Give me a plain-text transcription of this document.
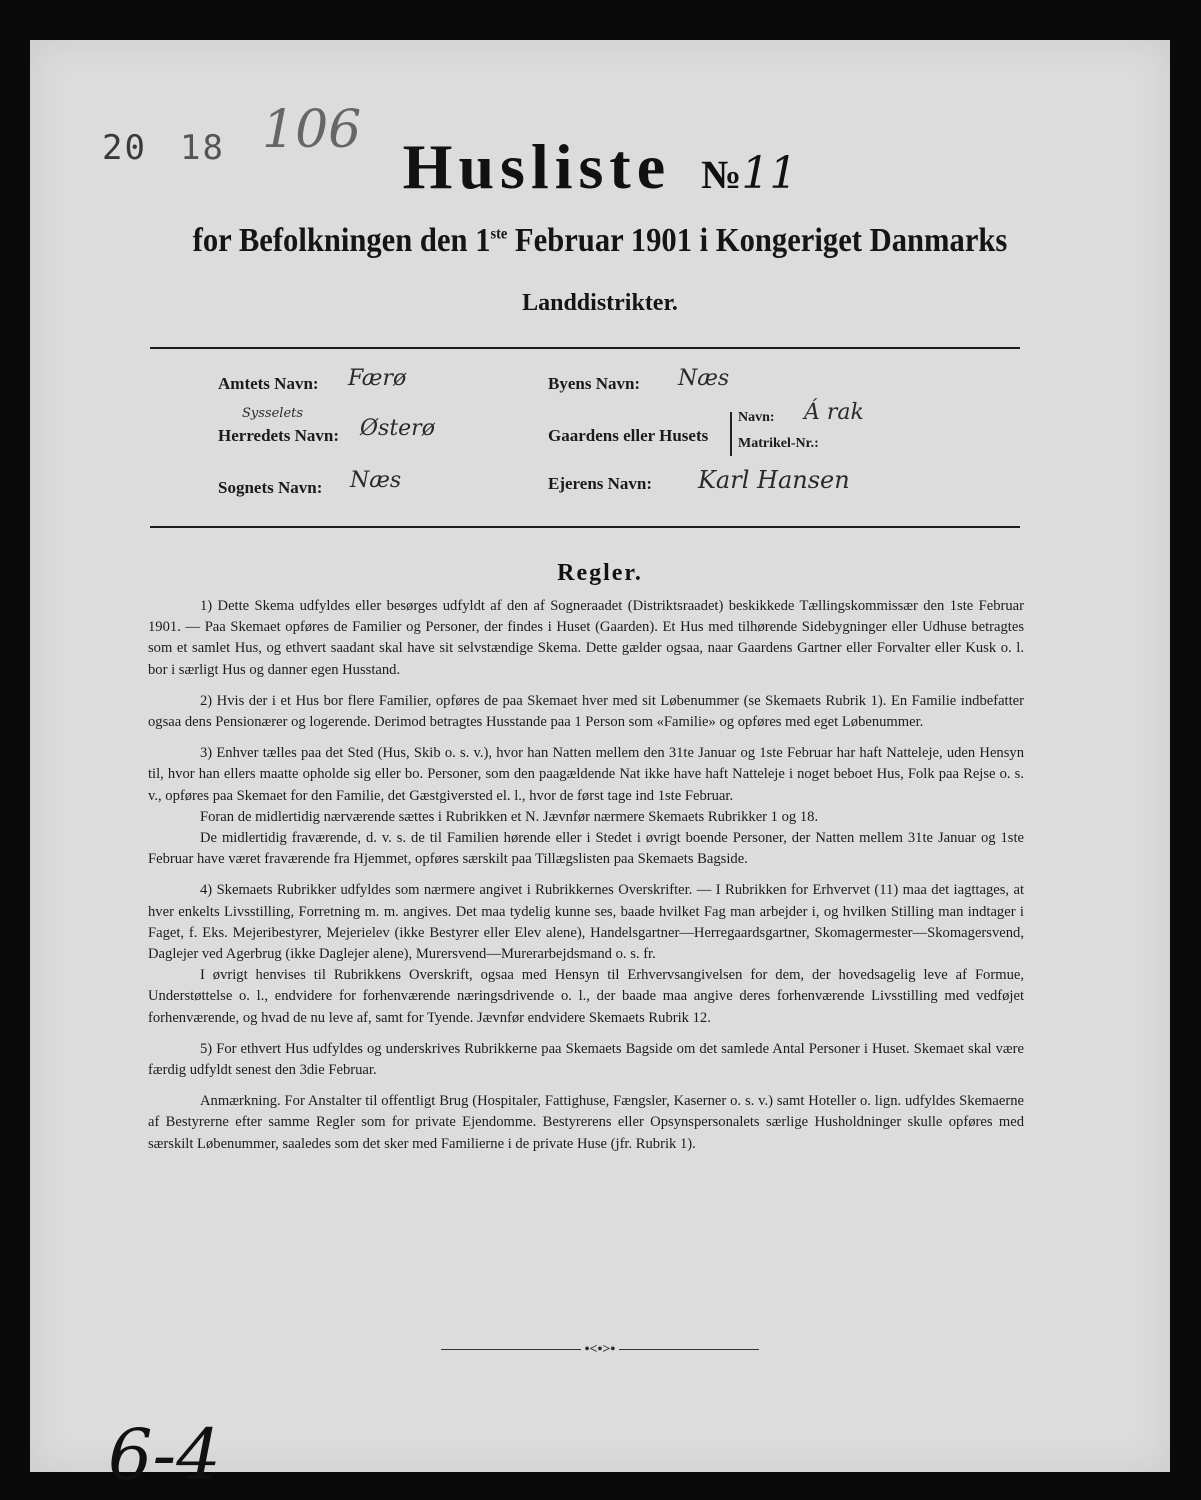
20 18 106
Husliste №11
for Befolkningen den 1ste Februar 1901 i Kongeriget Danmarks
Landdistrikter.
Amtets Navn: Færø
Sysselets
Herredets Navn: Østerø
Sognets Navn: Næs
Byens Navn: Næs
Gaardens eller Husets
Navn: Á rak
Matrikel-Nr.:
Ejerens Navn: Karl Hansen
Regler.

1) Dette Skema udfyldes eller besørges udfyldt af den af Sogneraadet (Distriktsraadet) beskikkede Tællingskommissær den 1ste Februar 1901. — Paa Skemaet opføres de Familier og Personer, der findes i Huset (Gaarden). Et Hus med tilhørende Sidebygninger eller Udhuse betragtes som et samlet Hus, og ethvert saadant skal have sit selvstændige Skema. Dette gælder ogsaa, naar Gaardens Gartner eller Forvalter eller Kusk o. l. bor i særligt Hus og danner egen Husstand.

2) Hvis der i et Hus bor flere Familier, opføres de paa Skemaet hver med sit Løbenummer (se Skemaets Rubrik 1). En Familie indbefatter ogsaa dens Pensionærer og logerende. Derimod betragtes Husstande paa 1 Person som «Familie» og opføres med eget Løbenummer.

3) Enhver tælles paa det Sted (Hus, Skib o. s. v.), hvor han Natten mellem den 31te Januar og 1ste Februar har haft Natteleje, uden Hensyn til, hvor han ellers maatte opholde sig eller bo. Personer, som den paagældende Nat ikke have haft Natteleje i noget beboet Hus, Folk paa Rejse o. s. v., opføres paa Skemaet for den Familie, det Gæstgiversted el. l., hvor de først tage ind 1ste Februar.

Foran de midlertidig nærværende sættes i Rubrikken et N. Jævnfør nærmere Skemaets Rubrikker 1 og 18.

De midlertidig fraværende, d. v. s. de til Familien hørende eller i Stedet i øvrigt boende Personer, der Natten mellem 31te Januar og 1ste Februar have været fraværende fra Hjemmet, opføres særskilt paa Tillægslisten paa Skemaets Bagside.

4) Skemaets Rubrikker udfyldes som nærmere angivet i Rubrikkernes Overskrifter. — I Rubrikken for Erhvervet (11) maa det iagttages, at hver enkelts Livsstilling, Forretning m. m. angives. Det maa tydelig kunne ses, baade hvilket Fag man arbejder i, og hvilken Stilling man indtager i Faget, f. Eks. Mejeribestyrer, Mejerielev (ikke Bestyrer eller Elev alene), Handelsgartner—Herregaardsgartner, Skomagermester—Skomagersvend, Daglejer ved Agerbrug (ikke Daglejer alene), Murersvend—Murerarbejdsmand o. s. fr.

I øvrigt henvises til Rubrikkens Overskrift, ogsaa med Hensyn til Erhvervsangivelsen for dem, der hovedsagelig leve af Formue, Understøttelse o. l., endvidere for forhenværende næringsdrivende o. l., der baade maa angive deres forhenværende Livsstilling med vedføjet forhenværende, og hvad de nu leve af, samt for Tyende. Jævnfør endvidere Skemaets Rubrik 12.

5) For ethvert Hus udfyldes og underskrives Rubrikkerne paa Skemaets Bagside om det samlede Antal Personer i Huset. Skemaet skal være færdig udfyldt senest den 3die Februar.

Anmærkning. For Anstalter til offentligt Brug (Hospitaler, Fattighuse, Fængsler, Kaserner o. s. v.) samt Hoteller o. lign. udfyldes Skemaerne af Bestyrerne efter samme Regler som for private Ejendomme. Bestyrerens eller Opsynspersonalets særlige Husholdninger skulle opføres med særskilt Løbenummer, saaledes som det sker med Familierne i de private Huse (jfr. Rubrik 1).

•<•>•
6-4
